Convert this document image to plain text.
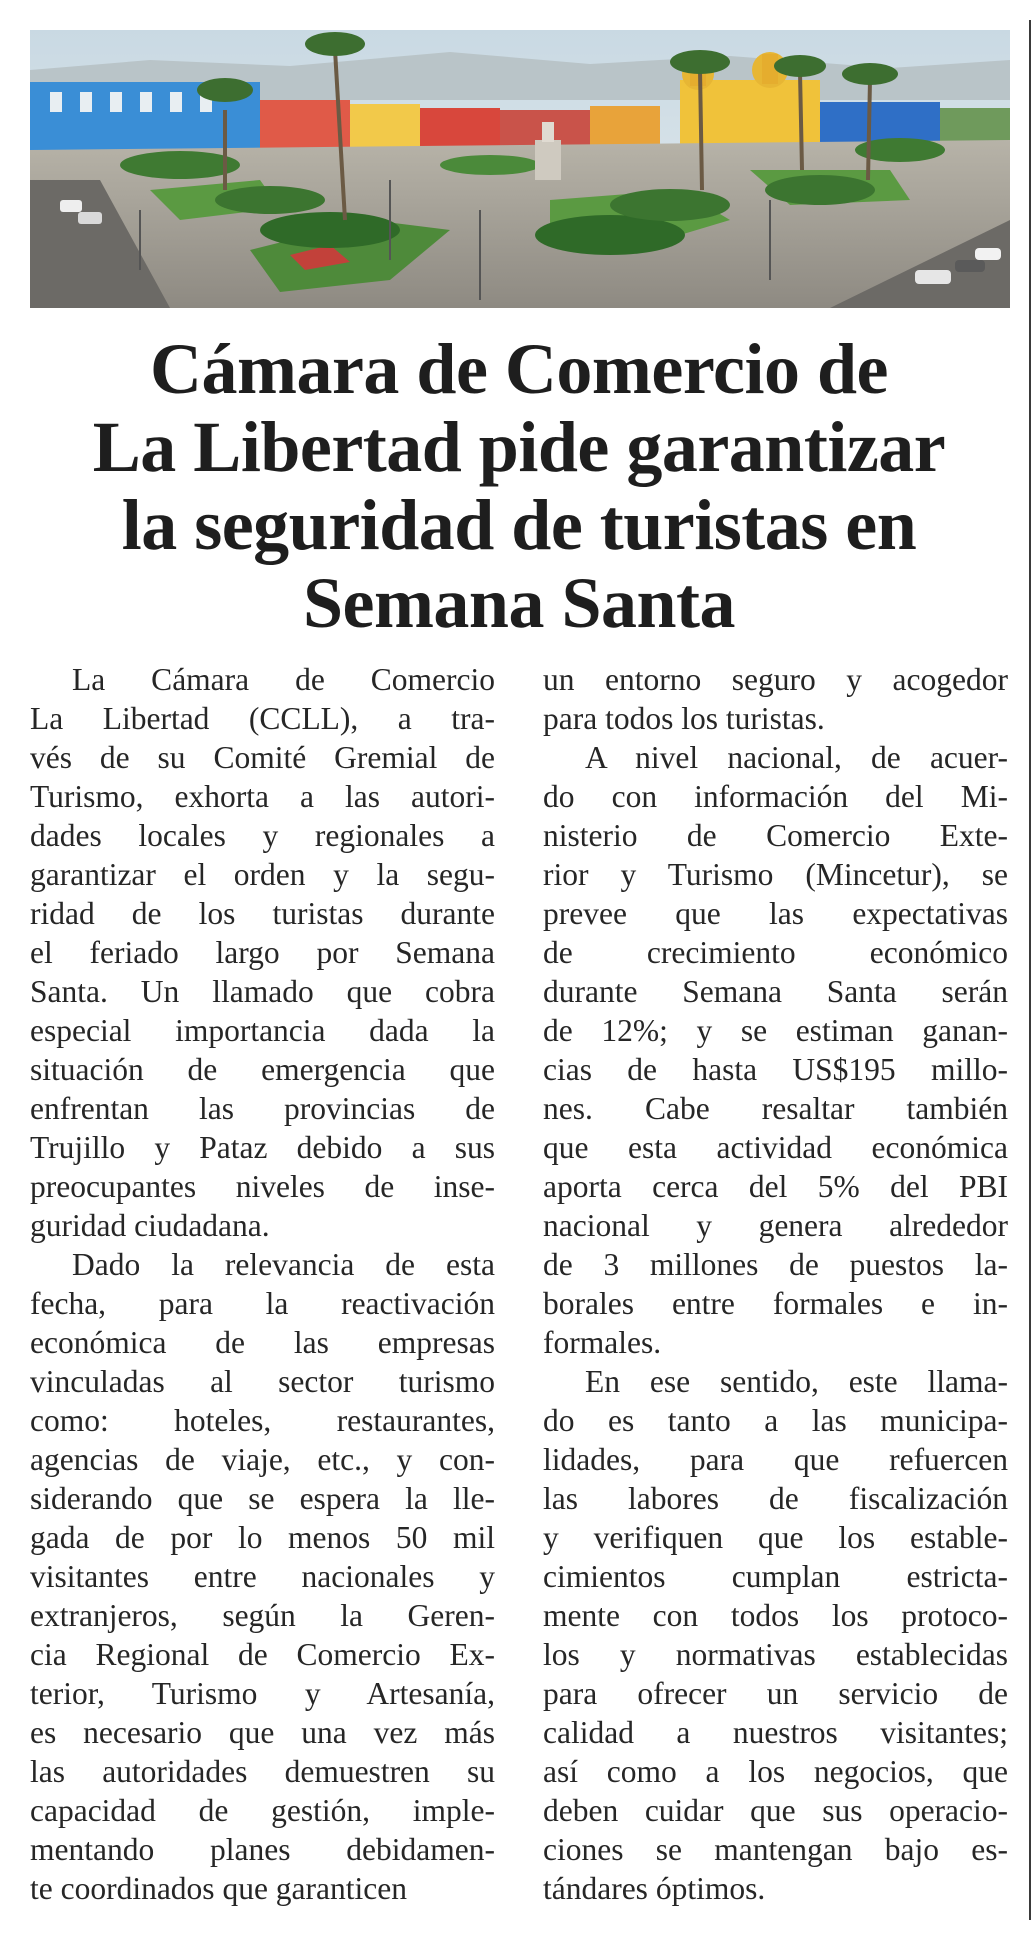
Cámara de Comercio de
La Libertad pide garantizar
la seguridad de turistas en
Semana Santa

La Cámara de Comercio
La Libertad (CCLL), a tra-
vés de su Comité Gremial de
Turismo, exhorta a las autori-
dades locales y regionales a
garantizar el orden y la segu-
ridad de los turistas durante
el feriado largo por Semana
Santa. Un llamado que cobra
especial importancia dada la
situación de emergencia que
enfrentan las provincias de
Trujillo y Pataz debido a sus
preocupantes niveles de inse-
guridad ciudadana.

Dado la relevancia de esta
fecha, para la reactivación
económica de las empresas
vinculadas al sector turismo
como: hoteles, restaurantes,
agencias de viaje, etc., y con-
siderando que se espera la lle-
gada de por lo menos 50 mil
visitantes entre nacionales y
extranjeros, según la Geren-
cia Regional de Comercio Ex-
terior, Turismo y Artesanía,
es necesario que una vez más
las autoridades demuestren su
capacidad de gestión, imple-
mentando planes debidamen-
te coordinados que garanticen

un entorno seguro y acogedor
para todos los turistas.

A nivel nacional, de acuer-
do con información del Mi-
nisterio de Comercio Exte-
rior y Turismo (Mincetur), se
prevee que las expectativas
de crecimiento económico
durante Semana Santa serán
de 12%; y se estiman ganan-
cias de hasta US$195 millo-
nes. Cabe resaltar también
que esta actividad económica
aporta cerca del 5% del PBI
nacional y genera alrededor
de 3 millones de puestos la-
borales entre formales e in-
formales.

En ese sentido, este llama-
do es tanto a las municipa-
lidades, para que refuercen
las labores de fiscalización
y verifiquen que los estable-
cimientos cumplan estricta-
mente con todos los protoco-
los y normativas establecidas
para ofrecer un servicio de
calidad a nuestros visitantes;
así como a los negocios, que
deben cuidar que sus operacio-
ciones se mantengan bajo es-
tándares óptimos.
